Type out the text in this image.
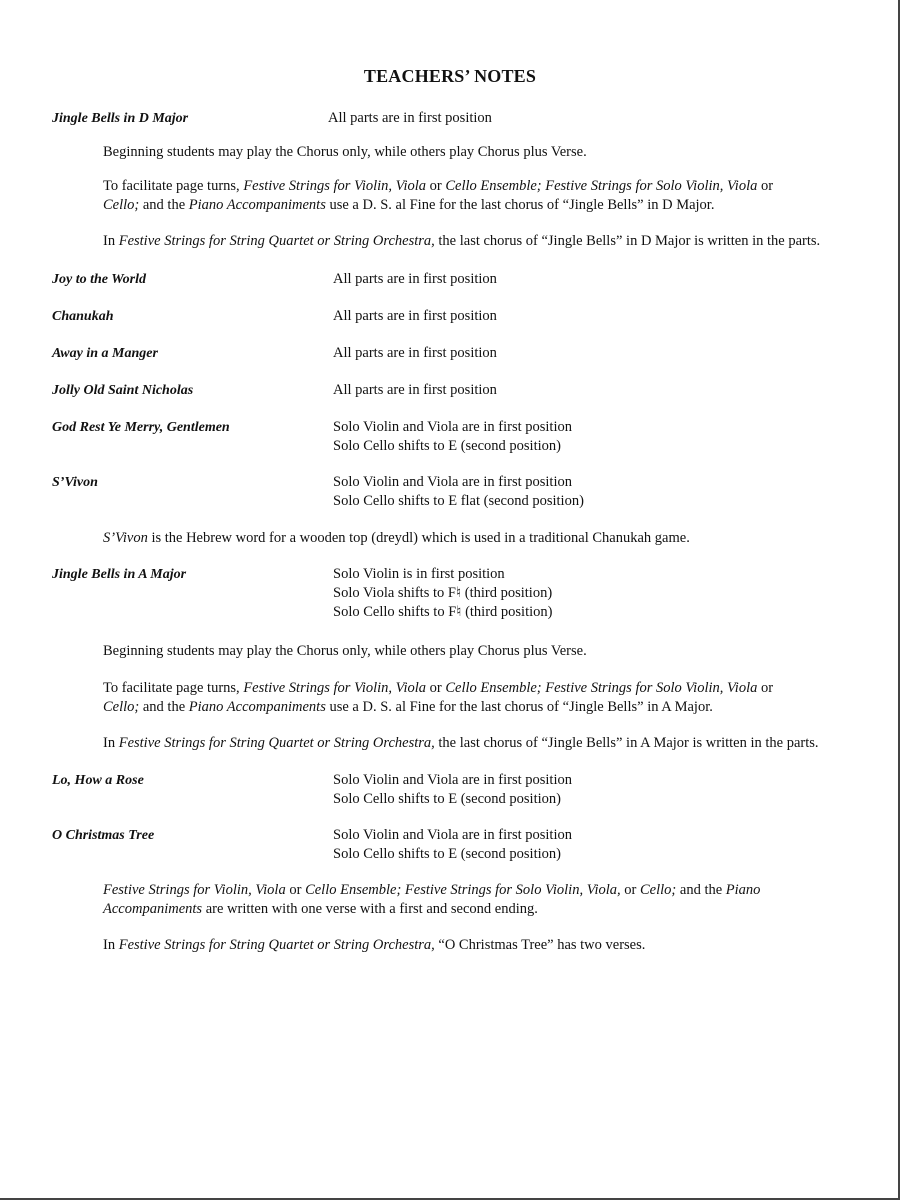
TEACHERS’ NOTES
Jingle Bells in D Major	All parts are in first position
Beginning students may play the Chorus only, while others play Chorus plus Verse.
To facilitate page turns, Festive Strings for Violin, Viola or Cello Ensemble; Festive Strings for Solo Violin, Viola or
Cello; and the Piano Accompaniments use a D. S. al Fine for the last chorus of “Jingle Bells” in D Major.
In Festive Strings for String Quartet or String Orchestra, the last chorus of “Jingle Bells” in D Major is written in the parts.
Joy to the World	All parts are in first position
Chanukah	All parts are in first position
Away in a Manger	All parts are in first position
Jolly Old Saint Nicholas	All parts are in first position
God Rest Ye Merry, Gentlemen	Solo Violin and Viola are in first position
Solo Cello shifts to E (second position)
S’Vivon	Solo Violin and Viola are in first position
Solo Cello shifts to E flat (second position)
S’Vivon is the Hebrew word for a wooden top (dreydl) which is used in a traditional Chanukah game.
Jingle Bells in A Major	Solo Violin is in first position
Solo Viola shifts to F♮ (third position)
Solo Cello shifts to F♮ (third position)
Beginning students may play the Chorus only, while others play Chorus plus Verse.
To facilitate page turns, Festive Strings for Violin, Viola or Cello Ensemble; Festive Strings for Solo Violin, Viola or
Cello; and the Piano Accompaniments use a D. S. al Fine for the last chorus of “Jingle Bells” in A Major.
In Festive Strings for String Quartet or String Orchestra, the last chorus of “Jingle Bells” in A Major is written in the parts.
Lo, How a Rose	Solo Violin and Viola are in first position
Solo Cello shifts to E (second position)
O Christmas Tree	Solo Violin and Viola are in first position
Solo Cello shifts to E (second position)
Festive Strings for Violin, Viola or Cello Ensemble; Festive Strings for Solo Violin, Viola, or Cello; and the Piano
Accompaniments are written with one verse with a first and second ending.
In Festive Strings for String Quartet or String Orchestra, “O Christmas Tree” has two verses.
